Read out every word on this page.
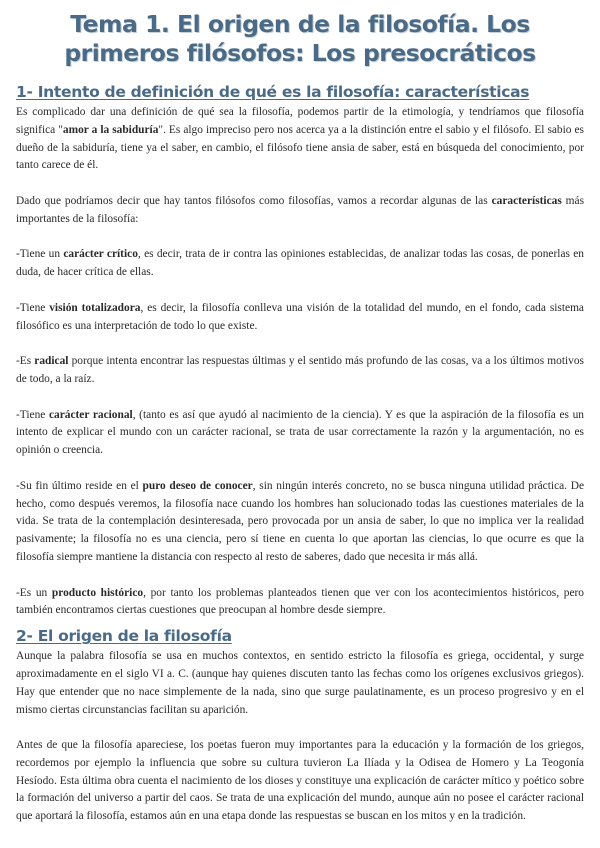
Tema 1. El origen de la filosofía. Los
primeros filósofos: Los presocráticos
1- Intento de definición de qué es la filosofía: características

Es complicado dar una definición de qué sea la filosofía, podemos partir de la etimología, y tendríamos que filosofía significa "amor a la sabiduría". Es algo impreciso pero nos acerca ya a la distinción entre el sabio y el filósofo. El sabio es dueño de la sabiduría, tiene ya el saber, en cambio, el filósofo tiene ansia de saber, está en búsqueda del conocimiento, por tanto carece de él.

Dado que podríamos decir que hay tantos filósofos como filosofías, vamos a recordar algunas de las características más importantes de la filosofía:

-Tiene un carácter crítico, es decir, trata de ir contra las opiniones establecidas, de analizar todas las cosas, de ponerlas en duda, de hacer crítica de ellas.

-Tiene visión totalizadora, es decir, la filosofía conlleva una visión de la totalidad del mundo, en el fondo, cada sistema filosófico es una interpretación de todo lo que existe.

-Es radical porque intenta encontrar las respuestas últimas y el sentido más profundo de las cosas, va a los últimos motivos de todo, a la raíz.

-Tiene carácter racional, (tanto es así que ayudó al nacimiento de la ciencia). Y es que la aspiración de la filosofía es un intento de explicar el mundo con un carácter racional, se trata de usar correctamente la razón y la argumentación, no es opinión o creencia.

-Su fin último reside en el puro deseo de conocer, sin ningún interés concreto, no se busca ninguna utilidad práctica. De hecho, como después veremos, la filosofía nace cuando los hombres han solucionado todas las cuestiones materiales de la vida. Se trata de la contemplación desinteresada, pero provocada por un ansia de saber, lo que no implica ver la realidad pasivamente; la filosofía no es una ciencia, pero sí tiene en cuenta lo que aportan las ciencias, lo que ocurre es que la filosofía siempre mantiene la distancia con respecto al resto de saberes, dado que necesita ir más allá.

-Es un producto histórico, por tanto los problemas planteados tienen que ver con los acontecimientos históricos, pero también encontramos ciertas cuestiones que preocupan al hombre desde siempre.

2- El origen de la filosofía

Aunque la palabra filosofía se usa en muchos contextos, en sentido estricto la filosofía es griega, occidental, y surge aproximadamente en el siglo VI a. C. (aunque hay quienes discuten tanto las fechas como los orígenes exclusivos griegos). Hay que entender que no nace simplemente de la nada, sino que surge paulatinamente, es un proceso progresivo y en el mismo ciertas circunstancias facilitan su aparición.

Antes de que la filosofía apareciese, los poetas fueron muy importantes para la educación y la formación de los griegos, recordemos por ejemplo la influencia que sobre su cultura tuvieron La Ilíada y la Odisea de Homero y La Teogonía Hesíodo. Esta última obra cuenta el nacimiento de los dioses y constituye una explicación de carácter mítico y poético sobre la formación del universo a partir del caos. Se trata de una explicación del mundo, aunque aún no posee el carácter racional que aportará la filosofía, estamos aún en una etapa donde las respuestas se buscan en los mitos y en la tradición.
